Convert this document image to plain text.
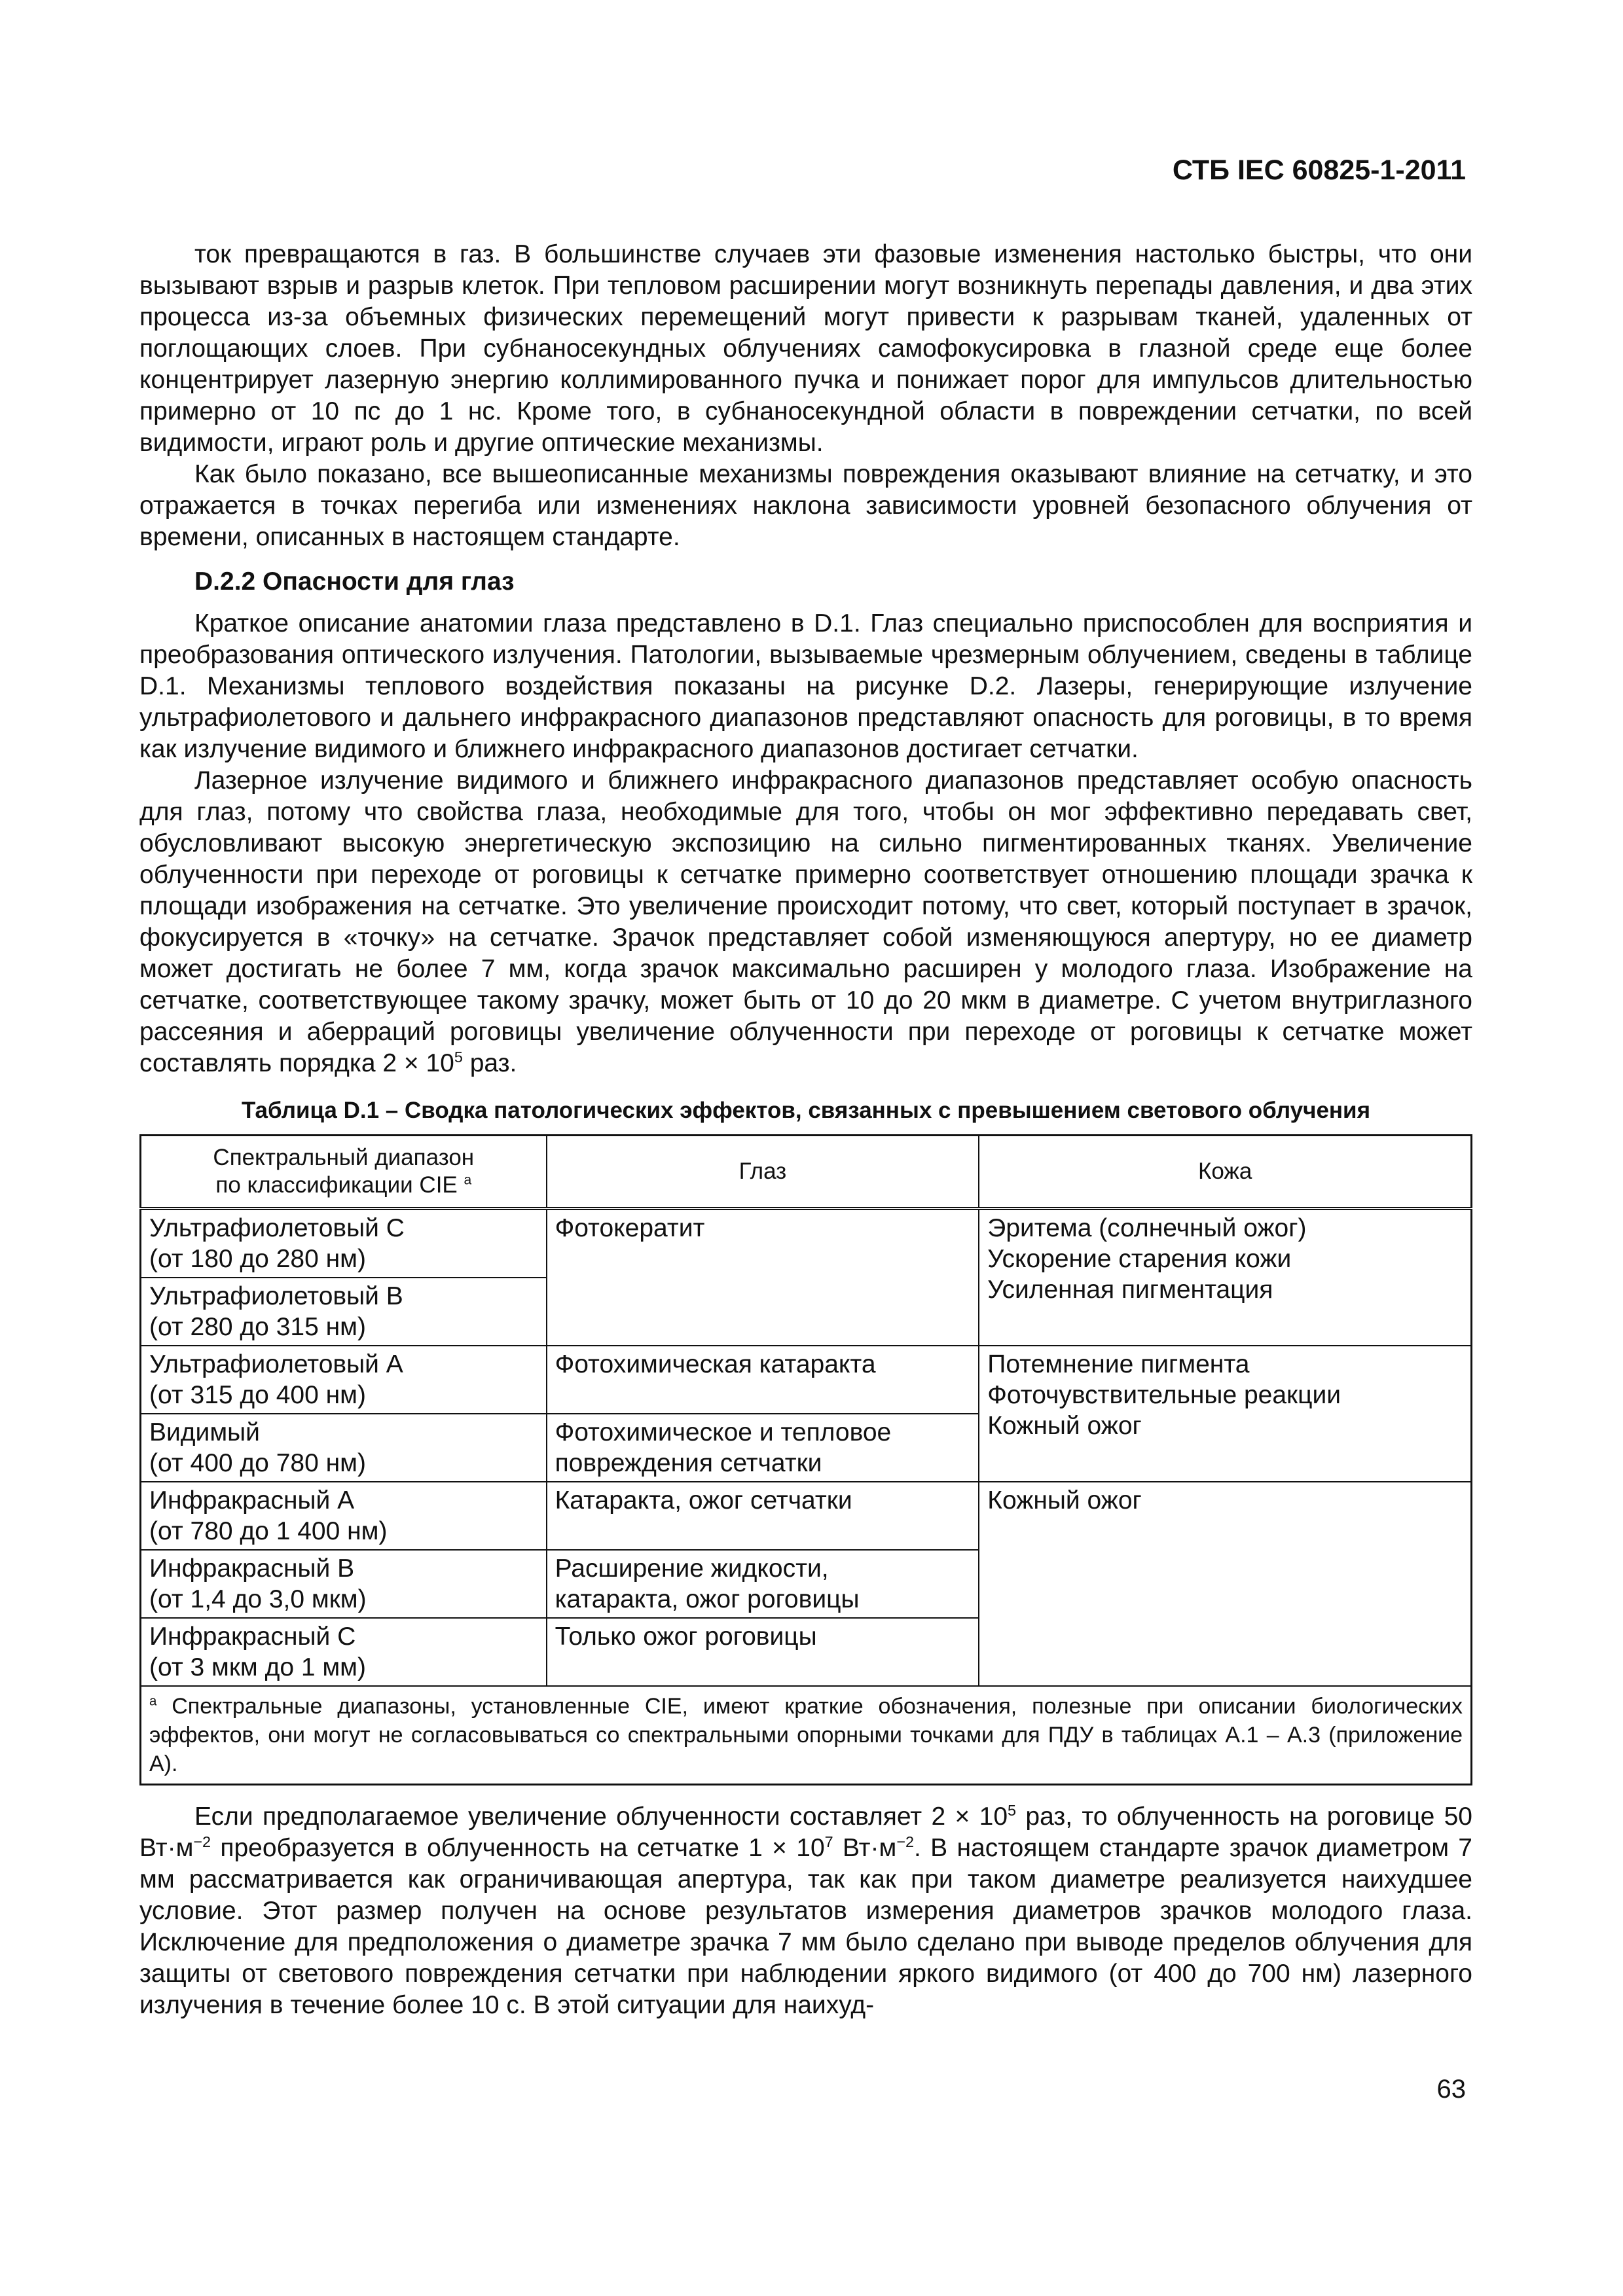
СТБ IEC 60825-1-2011

ток превращаются в газ. В большинстве случаев эти фазовые изменения настолько быстры, что они вызывают взрыв и разрыв клеток. При тепловом расширении могут возникнуть перепады давления, и два этих процесса из-за объемных физических перемещений могут привести к разрывам тканей, удаленных от поглощающих слоев. При субнаносекундных облучениях самофокусировка в глазной среде еще более концентрирует лазерную энергию коллимированного пучка и понижает порог для импульсов длительностью примерно от 10 пс до 1 нс. Кроме того, в субнаносекундной области в повреждении сетчатки, по всей видимости, играют роль и другие оптические механизмы.

Как было показано, все вышеописанные механизмы повреждения оказывают влияние на сетчатку, и это отражается в точках перегиба или изменениях наклона зависимости уровней безопасного облучения от времени, описанных в настоящем стандарте.

D.2.2 Опасности для глаз

Краткое описание анатомии глаза представлено в D.1. Глаз специально приспособлен для восприятия и преобразования оптического излучения. Патологии, вызываемые чрезмерным облучением, сведены в таблице D.1. Механизмы теплового воздействия показаны на рисунке D.2. Лазеры, генерирующие излучение ультрафиолетового и дальнего инфракрасного диапазонов представляют опасность для роговицы, в то время как излучение видимого и ближнего инфракрасного диапазонов достигает сетчатки.

Лазерное излучение видимого и ближнего инфракрасного диапазонов представляет особую опасность для глаз, потому что свойства глаза, необходимые для того, чтобы он мог эффективно передавать свет, обусловливают высокую энергетическую экспозицию на сильно пигментированных тканях. Увеличение облученности при переходе от роговицы к сетчатке примерно соответствует отношению площади зрачка к площади изображения на сетчатке. Это увеличение происходит потому, что свет, который поступает в зрачок, фокусируется в «точку» на сетчатке. Зрачок представляет собой изменяющуюся апертуру, но ее диаметр может достигать не более 7 мм, когда зрачок максимально расширен у молодого глаза. Изображение на сетчатке, соответствующее такому зрачку, может быть от 10 до 20 мкм в диаметре. С учетом внутриглазного рассеяния и аберраций роговицы увеличение облученности при переходе от роговицы к сетчатке может составлять порядка $2 \times 10^5$ раз.

Таблица D.1 – Сводка патологических эффектов, связанных с превышением светового облучения
Спектральный диапазон
по классификации CIE $^а$	Глаз	Кожа
Ультрафиолетовый C
(от 180 до 280 нм)	Фотокератит	Эритема (солнечный ожог)
Ускорение старения кожи
Усиленная пигментация
Ультрафиолетовый B
(от 280 до 315 нм)		
Ультрафиолетовый A
(от 315 до 400 нм)	Фотохимическая катаракта	Потемнение пигмента
Фоточувствительные реакции
Кожный ожог
Видимый
(от 400 до 780 нм)	Фотохимическое и тепловое
повреждения сетчатки	
Инфракрасный A
(от 780 до 1 400 нм)	Катаракта, ожог сетчатки	Кожный ожог
Инфракрасный B
(от 1,4 до 3,0 мкм)	Расширение жидкости,
катаракта, ожог роговицы	
Инфракрасный C
(от 3 мкм до 1 мм)	Только ожог роговицы	
$^а$ Спектральные диапазоны, установленные CIE, имеют краткие обозначения, полезные при описании биологических эффектов, они могут не согласовываться со спектральными опорными точками для ПДУ в таблицах А.1 – А.3 (приложение А).		

Если предполагаемое увеличение облученности составляет $2 \times 10^5$ раз, то облученность на роговице 50 $Вт\cdot м^{-2}$ преобразуется в облученность на сетчатке $1 \times 10^7$ $Вт\cdot м^{-2}$. В настоящем стандарте зрачок диаметром 7 мм рассматривается как ограничивающая апертура, так как при таком диаметре реализуется наихудшее условие. Этот размер получен на основе результатов измерения диаметров зрачков молодого глаза. Исключение для предположения о диаметре зрачка 7 мм было сделано при выводе пределов облучения для защиты от светового повреждения сетчатки при наблюдении яркого видимого (от 400 до 700 нм) лазерного излучения в течение более 10 с. В этой ситуации для наихуд-

63
